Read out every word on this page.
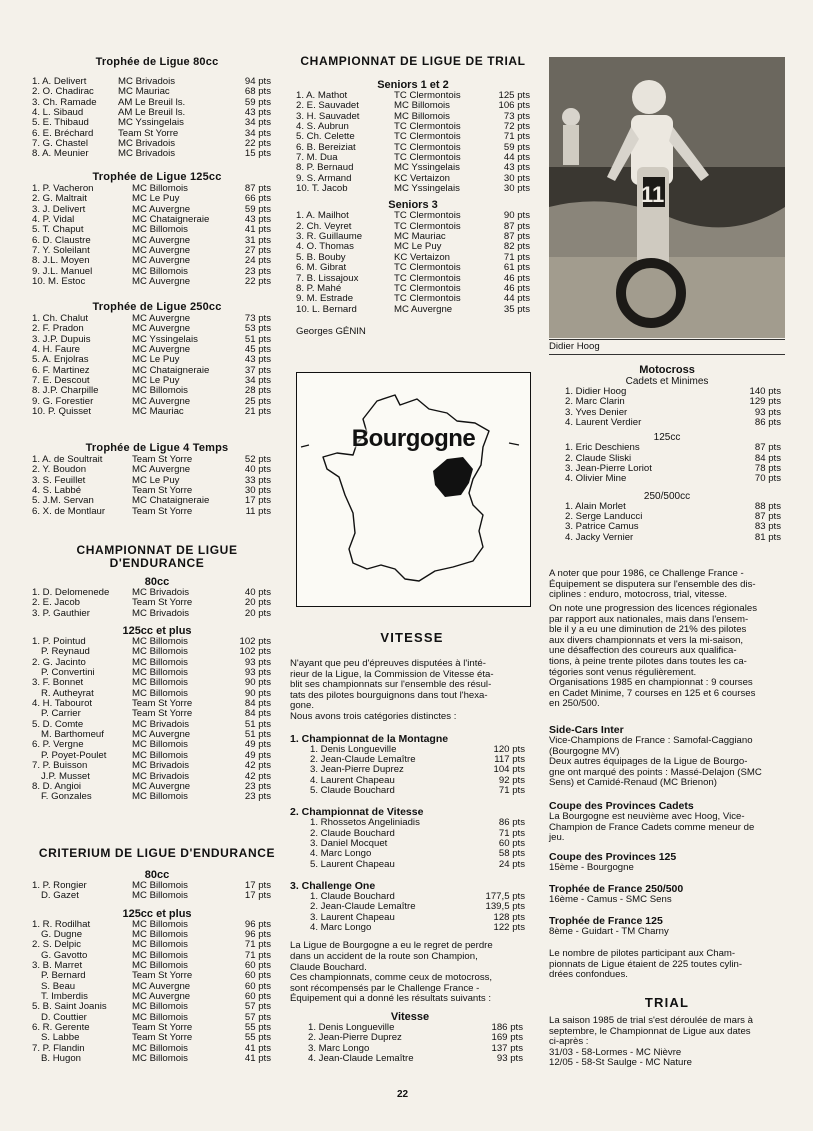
Trophée de Ligue 80cc
1. A. Delivert	MC Brivadois	94 pts
2. O. Chadirac	MC Mauriac	68 pts
3. Ch. Ramade	AM Le Breuil ls.	59 pts
4. L. Sibaud	AM Le Breuil ls.	43 pts
5. É. Thibaud	MC Yssingelais	34 pts
6. É. Bréchard	Team St Yorre	34 pts
7. G. Chastel	MC Brivadois	22 pts
8. A. Meunier	MC Brivadois	15 pts
Trophée de Ligue 125cc
1. P. Vacheron	MC Billomois	87 pts
2. G. Maltrait	MC Le Puy	66 pts
3. J. Delivert	MC Auvergne	59 pts
4. P. Vidal	MC Chataigneraie	43 pts
5. T. Chaput	MC Billomois	41 pts
6. D. Claustre	MC Auvergne	31 pts
7. Y. Soleilant	MC Auvergne	27 pts
8. J.L. Moyen	MC Auvergne	24 pts
9. J.L. Manuel	MC Billomois	23 pts
10. M. Estoc	MC Auvergne	22 pts
Trophée de Ligue 250cc
1. Ch. Chalut	MC Auvergne	73 pts
2. F. Pradon	MC Auvergne	53 pts
3. J.P. Dupuis	MC Yssingelais	51 pts
4. H. Faure	MC Auvergne	45 pts
5. A. Enjolras	MC Le Puy	43 pts
6. F. Martinez	MC Chataigneraie	37 pts
7. É. Descout	MC Le Puy	34 pts
8. J.P. Charpille	MC Billomois	28 pts
9. G. Forestier	MC Auvergne	25 pts
10. P. Quisset	MC Mauriac	21 pts
Trophée de Ligue 4 Temps
1. A. de Soultrait	Team St Yorre	52 pts
2. Y. Boudon	MC Auvergne	40 pts
3. S. Feuillet	MC Le Puy	33 pts
4. S. Labbé	Team St Yorre	30 pts
5. J.M. Servan	MC Chataigneraie	17 pts
6. X. de Montlaur	Team St Yorre	11 pts
CHAMPIONNAT DE LIGUE
D'ENDURANCE
80cc
1. D. Delomenede	MC Brivadois	40 pts
2. É. Jacob	Team St Yorre	20 pts
3. P. Gauthier	MC Brivadois	20 pts
125cc et plus
1. P. Pointud	MC Billomois	102 pts
P. Reynaud	MC Billomois	102 pts
2. G. Jacinto	MC Billomois	93 pts
P. Convertini	MC Billomois	93 pts
3. F. Bonnet	MC Billomois	90 pts
R. Autheyrat	MC Billomois	90 pts
4. H. Tabourot	Team St Yorre	84 pts
P. Carrier	Team St Yorre	84 pts
5. D. Comte	MC Brivadois	51 pts
M. Barthomeuf	MC Auvergne	51 pts
6. P. Vergne	MC Billomois	49 pts
P. Poyet-Poulet	MC Billomois	49 pts
7. P. Buisson	MC Brivadois	42 pts
J.P. Musset	MC Brivadois	42 pts
8. D. Angioi	MC Auvergne	23 pts
F. Gonzales	MC Billomois	23 pts
CRITERIUM DE LIGUE D'ENDURANCE
80cc
1. P. Rongier	MC Billomois	17 pts
D. Gazet	MC Billomois	17 pts
125cc et plus
1. R. Rodilhat	MC Billomois	96 pts
G. Dugne	MC Billomois	96 pts
2. S. Delpic	MC Billomois	71 pts
G. Gavotto	MC Billomois	71 pts
3. B. Marret	MC Billomois	60 pts
P. Bernard	Team St Yorre	60 pts
S. Beau	MC Auvergne	60 pts
T. Imberdis	MC Auvergne	60 pts
5. B. Saint Joanis	MC Billomois	57 pts
D. Couttier	MC Billomois	57 pts
6. R. Gerente	Team St Yorre	55 pts
S. Labbe	Team St Yorre	55 pts
7. P. Flandin	MC Billomois	41 pts
B. Hugon	MC Billomois	41 pts
CHAMPIONNAT DE LIGUE DE TRIAL
Seniors 1 et 2
1. A. Mathot	TC Clermontois	125 pts
2. É. Sauvadet	MC Billomois	106 pts
3. H. Sauvadet	MC Billomois	73 pts
4. S. Aubrun	TC Clermontois	72 pts
5. Ch. Celette	TC Clermontois	71 pts
6. B. Bereiziat	TC Clermontois	59 pts
7. M. Dua	TC Clermontois	44 pts
8. P. Bernaud	MC Yssingelais	43 pts
9. S. Armand	KC Vertaizon	30 pts
10. T. Jacob	MC Yssingelais	30 pts
Seniors 3
1. A. Mailhot	TC Clermontois	90 pts
2. Ch. Veyret	TC Clermontois	87 pts
3. R. Guillaume	MC Mauriac	87 pts
4. O. Thomas	MC Le Puy	82 pts
5. B. Bouby	KC Vertaizon	71 pts
6. M. Gibrat	TC Clermontois	61 pts
7. B. Lissajoux	TC Clermontois	46 pts
8. P. Mahé	TC Clermontois	46 pts
9. M. Estrade	TC Clermontois	44 pts
10. L. Bernard	MC Auvergne	35 pts
Georges GÉNIN
Bourgogne
VITESSE
N'ayant que peu d'épreuves disputées à l'inté-
rieur de la Ligue, la Commission de Vitesse éta-
blit ses championnats sur l'ensemble des résul-
tats des pilotes bourguignons dans tout l'hexa-
gone.
Nous avons trois catégories distinctes :
1. Championnat de la Montagne
1. Denis Longueville	120 pts
2. Jean-Claude Lemaître	117 pts
3. Jean-Pierre Duprez	104 pts
4. Laurent Chapeau	92 pts
5. Claude Bouchard	71 pts
2. Championnat de Vitesse
1. Rhossetos Angeliniadis	86 pts
2. Claude Bouchard	71 pts
3. Daniel Mocquet	60 pts
4. Marc Longo	58 pts
5. Laurent Chapeau	24 pts
3. Challenge One
1. Claude Bouchard	177,5 pts
2. Jean-Claude Lemaître	139,5 pts
3. Laurent Chapeau	128 pts
4. Marc Longo	122 pts
La Ligue de Bourgogne a eu le regret de perdre
dans un accident de la route son Champion,
Claude Bouchard.
Ces championnats, comme ceux de motocross,
sont récompensés par le Challenge France -
Équipement qui a donné les résultats suivants :
Vitesse
1. Denis Longueville	186 pts
2. Jean-Pierre Duprez	169 pts
3. Marc Longo	137 pts
4. Jean-Claude Lemaître	93 pts
22
11
Didier Hoog
Motocross
Cadets et Minimes
1. Didier Hoog	140 pts
2. Marc Clarin	129 pts
3. Yves Denier	93 pts
4. Laurent Verdier	86 pts
125cc
1. Éric Deschiens	87 pts
2. Claude Sliski	84 pts
3. Jean-Pierre Loriot	78 pts
4. Olivier Mine	70 pts
250/500cc
1. Alain Morlet	88 pts
2. Serge Landucci	87 pts
3. Patrice Camus	83 pts
4. Jacky Vernier	81 pts
A noter que pour 1986, ce Challenge France -
Équipement se disputera sur l'ensemble des dis-
ciplines : enduro, motocross, trial, vitesse.
On note une progression des licences régionales
par rapport aux nationales, mais dans l'ensem-
ble il y a eu une diminution de 21% des pilotes
aux divers championnats et vers la mi-saison,
une désaffection des coureurs aux qualifica-
tions, à peine trente pilotes dans toutes les ca-
tégories sont venus régulièrement.
Organisations 1985 en championnat : 9 courses
en Cadet Minime, 7 courses en 125 et 6 courses
en 250/500.
Side-Cars Inter
Vice-Champions de France : Samofal-Caggiano
(Bourgogne MV)
Deux autres équipages de la Ligue de Bourgo-
gne ont marqué des points : Massé-Delajon (SMC
Sens) et Camidé-Renaud (MC Brienon)
Coupe des Provinces Cadets
La Bourgogne est neuvième avec Hoog, Vice-
Champion de France Cadets comme meneur de
jeu.
Coupe des Provinces 125
15ème - Bourgogne
Trophée de France 250/500
16ème - Camus - SMC Sens
Trophée de France 125
8ème - Guidart - TM Charny
Le nombre de pilotes participant aux Cham-
pionnats de Ligue étaient de 225 toutes cylin-
drées confondues.
TRIAL
La saison 1985 de trial s'est déroulée de mars à
septembre, le Championnat de Ligue aux dates
ci-après :
31/03 - 58-Lormes - MC Nièvre
12/05 - 58-St Saulge - MC Nature
